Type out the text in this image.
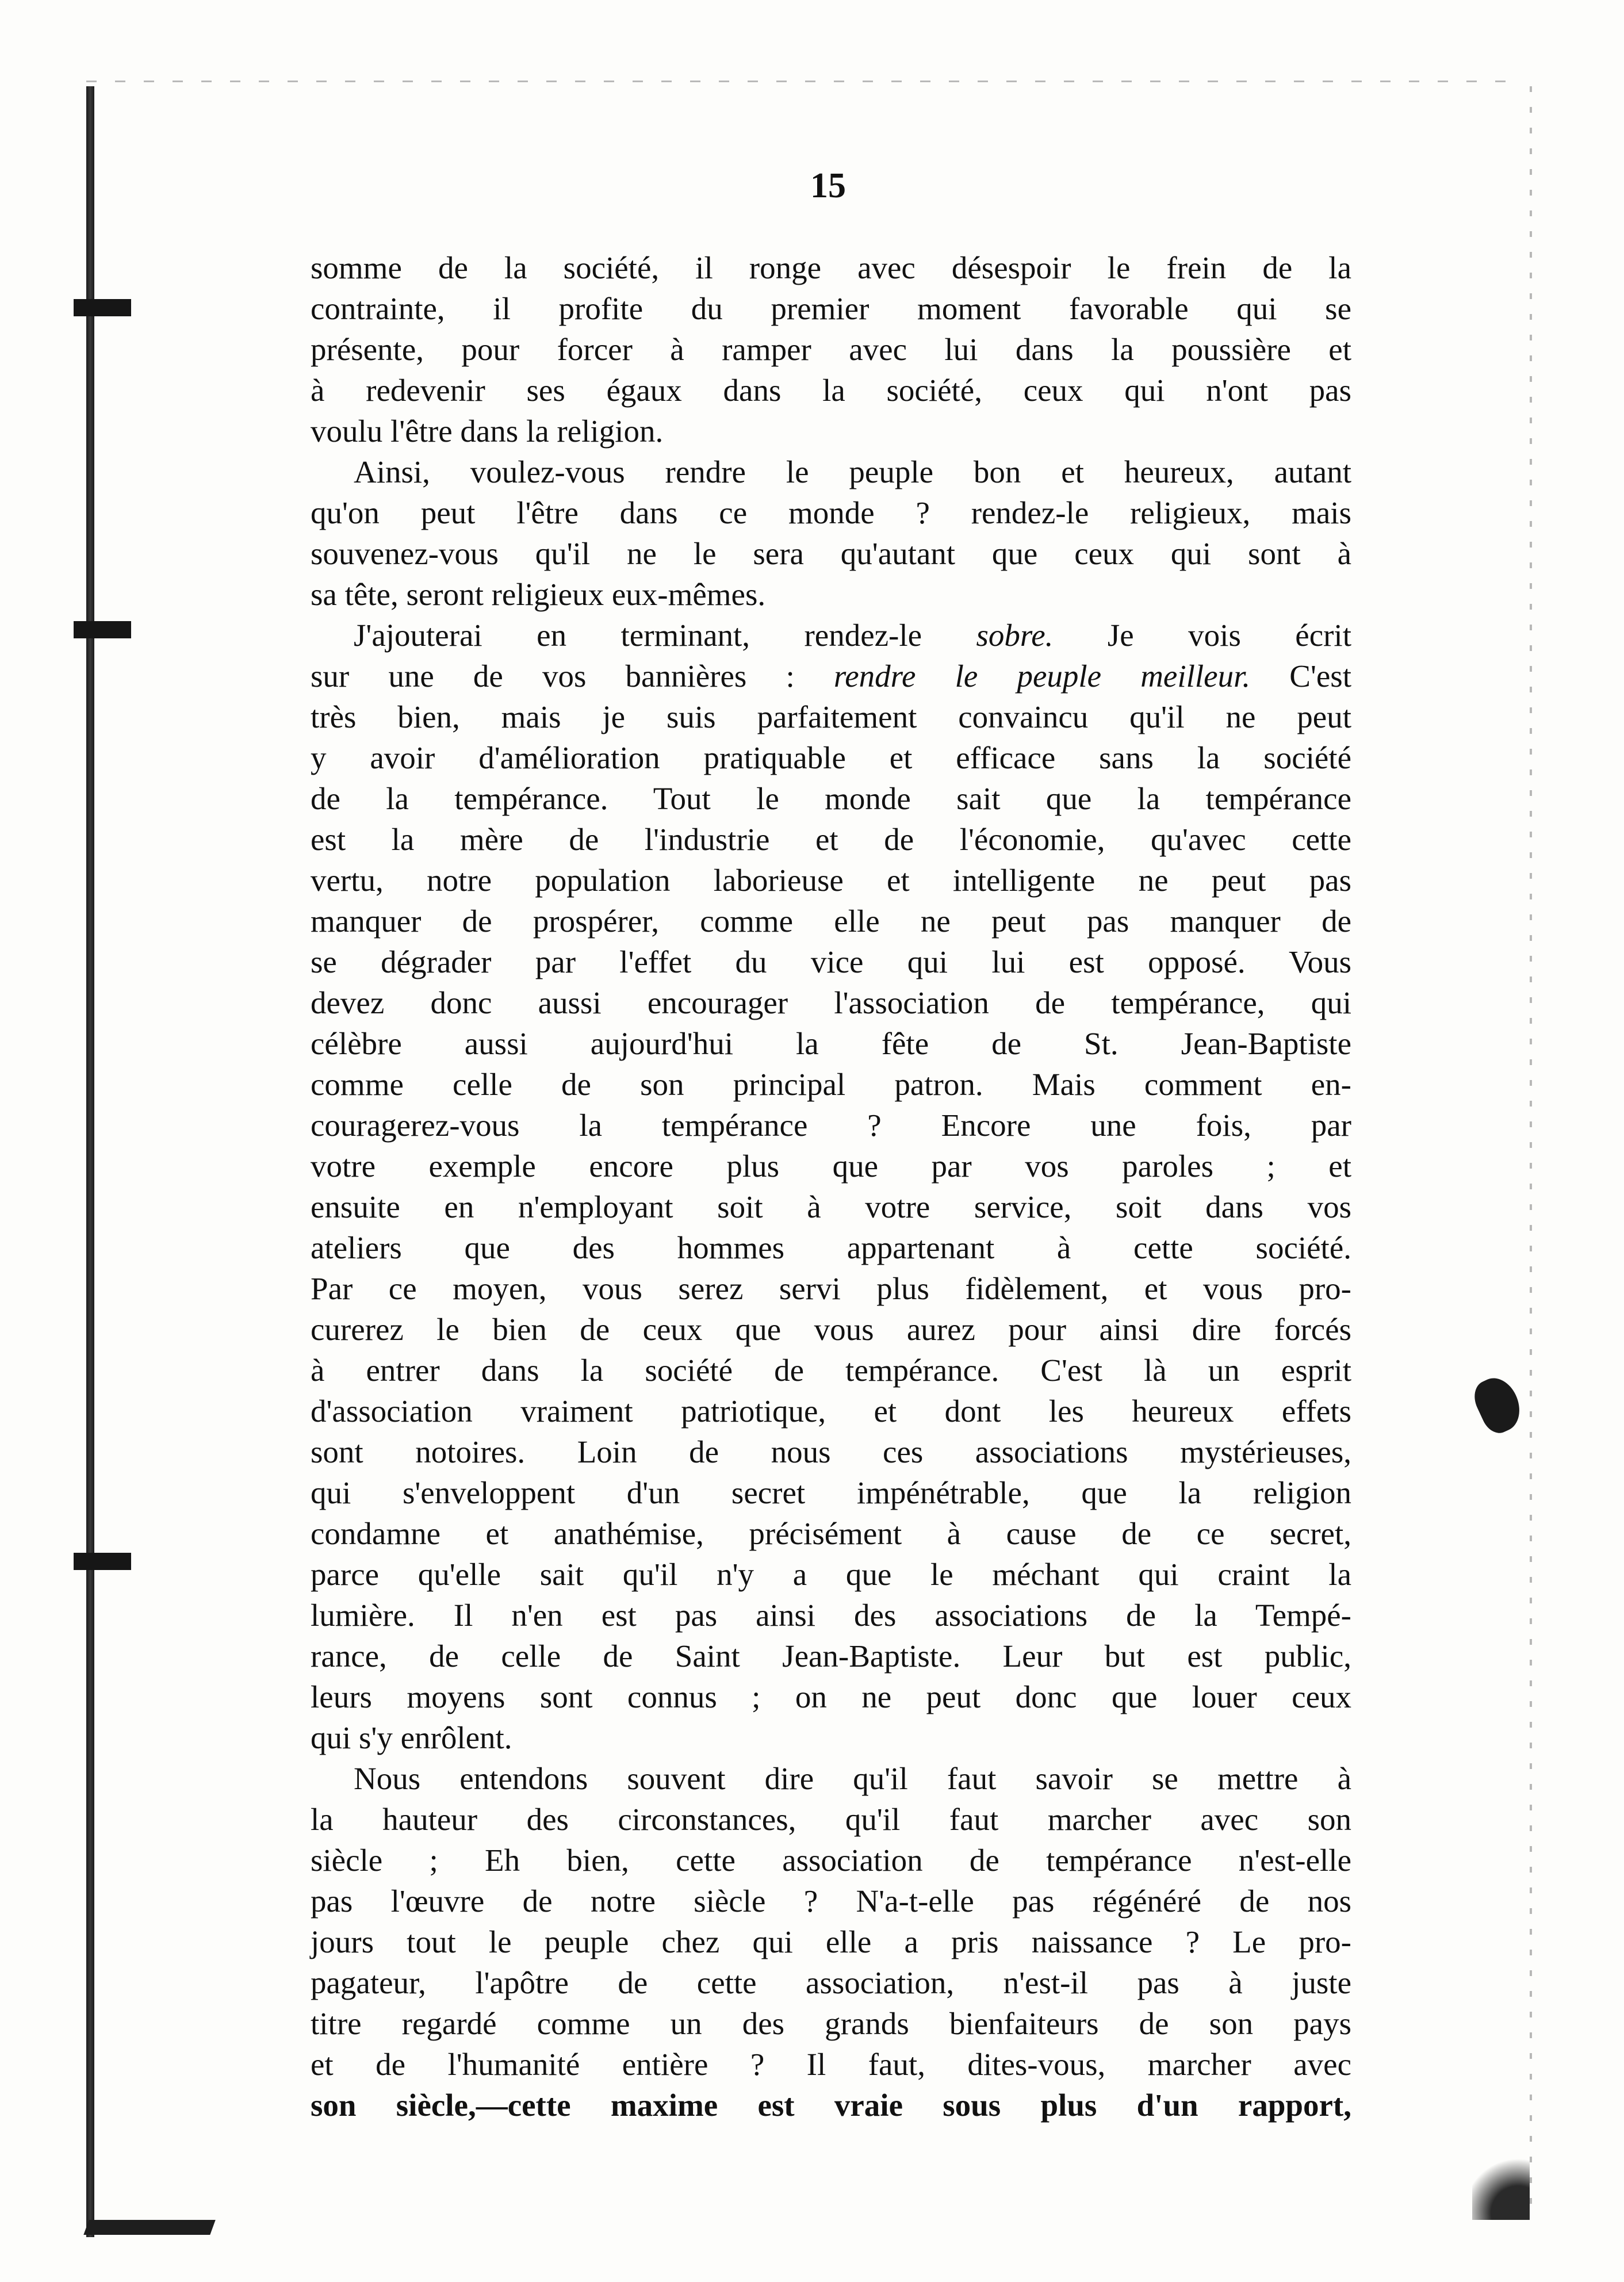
15
somme de la société, il ronge avec désespoir le frein de la
contrainte, il profite du premier moment favorable qui se
présente, pour forcer à ramper avec lui dans la poussière et
à redevenir ses égaux dans la société, ceux qui n'ont pas
voulu l'être dans la religion.
Ainsi, voulez-vous rendre le peuple bon et heureux, autant
qu'on peut l'être dans ce monde ? rendez-le religieux, mais
souvenez-vous qu'il ne le sera qu'autant que ceux qui sont à
sa tête, seront religieux eux-mêmes.
J'ajouterai en terminant, rendez-le sobre. Je vois écrit
sur une de vos bannières : rendre le peuple meilleur. C'est
très bien, mais je suis parfaitement convaincu qu'il ne peut
y avoir d'amélioration pratiquable et efficace sans la société
de la tempérance. Tout le monde sait que la tempérance
est la mère de l'industrie et de l'économie, qu'avec cette
vertu, notre population laborieuse et intelligente ne peut pas
manquer de prospérer, comme elle ne peut pas manquer de
se dégrader par l'effet du vice qui lui est opposé. Vous
devez donc aussi encourager l'association de tempérance, qui
célèbre aussi aujourd'hui la fête de St. Jean-Baptiste
comme celle de son principal patron. Mais comment en-
couragerez-vous la tempérance ? Encore une fois, par
votre exemple encore plus que par vos paroles ; et
ensuite en n'employant soit à votre service, soit dans vos
ateliers que des hommes appartenant à cette société.
Par ce moyen, vous serez servi plus fidèlement, et vous pro-
curerez le bien de ceux que vous aurez pour ainsi dire forcés
à entrer dans la société de tempérance. C'est là un esprit
d'association vraiment patriotique, et dont les heureux effets
sont notoires. Loin de nous ces associations mystérieuses,
qui s'enveloppent d'un secret impénétrable, que la religion
condamne et anathémise, précisément à cause de ce secret,
parce qu'elle sait qu'il n'y a que le méchant qui craint la
lumière. Il n'en est pas ainsi des associations de la Tempé-
rance, de celle de Saint Jean-Baptiste. Leur but est public,
leurs moyens sont connus ; on ne peut donc que louer ceux
qui s'y enrôlent.
Nous entendons souvent dire qu'il faut savoir se mettre à
la hauteur des circonstances, qu'il faut marcher avec son
siècle ; Eh bien, cette association de tempérance n'est-elle
pas l'œuvre de notre siècle ? N'a-t-elle pas régénéré de nos
jours tout le peuple chez qui elle a pris naissance ? Le pro-
pagateur, l'apôtre de cette association, n'est-il pas à juste
titre regardé comme un des grands bienfaiteurs de son pays
et de l'humanité entière ? Il faut, dites-vous, marcher avec
son siècle,—cette maxime est vraie sous plus d'un rapport,
